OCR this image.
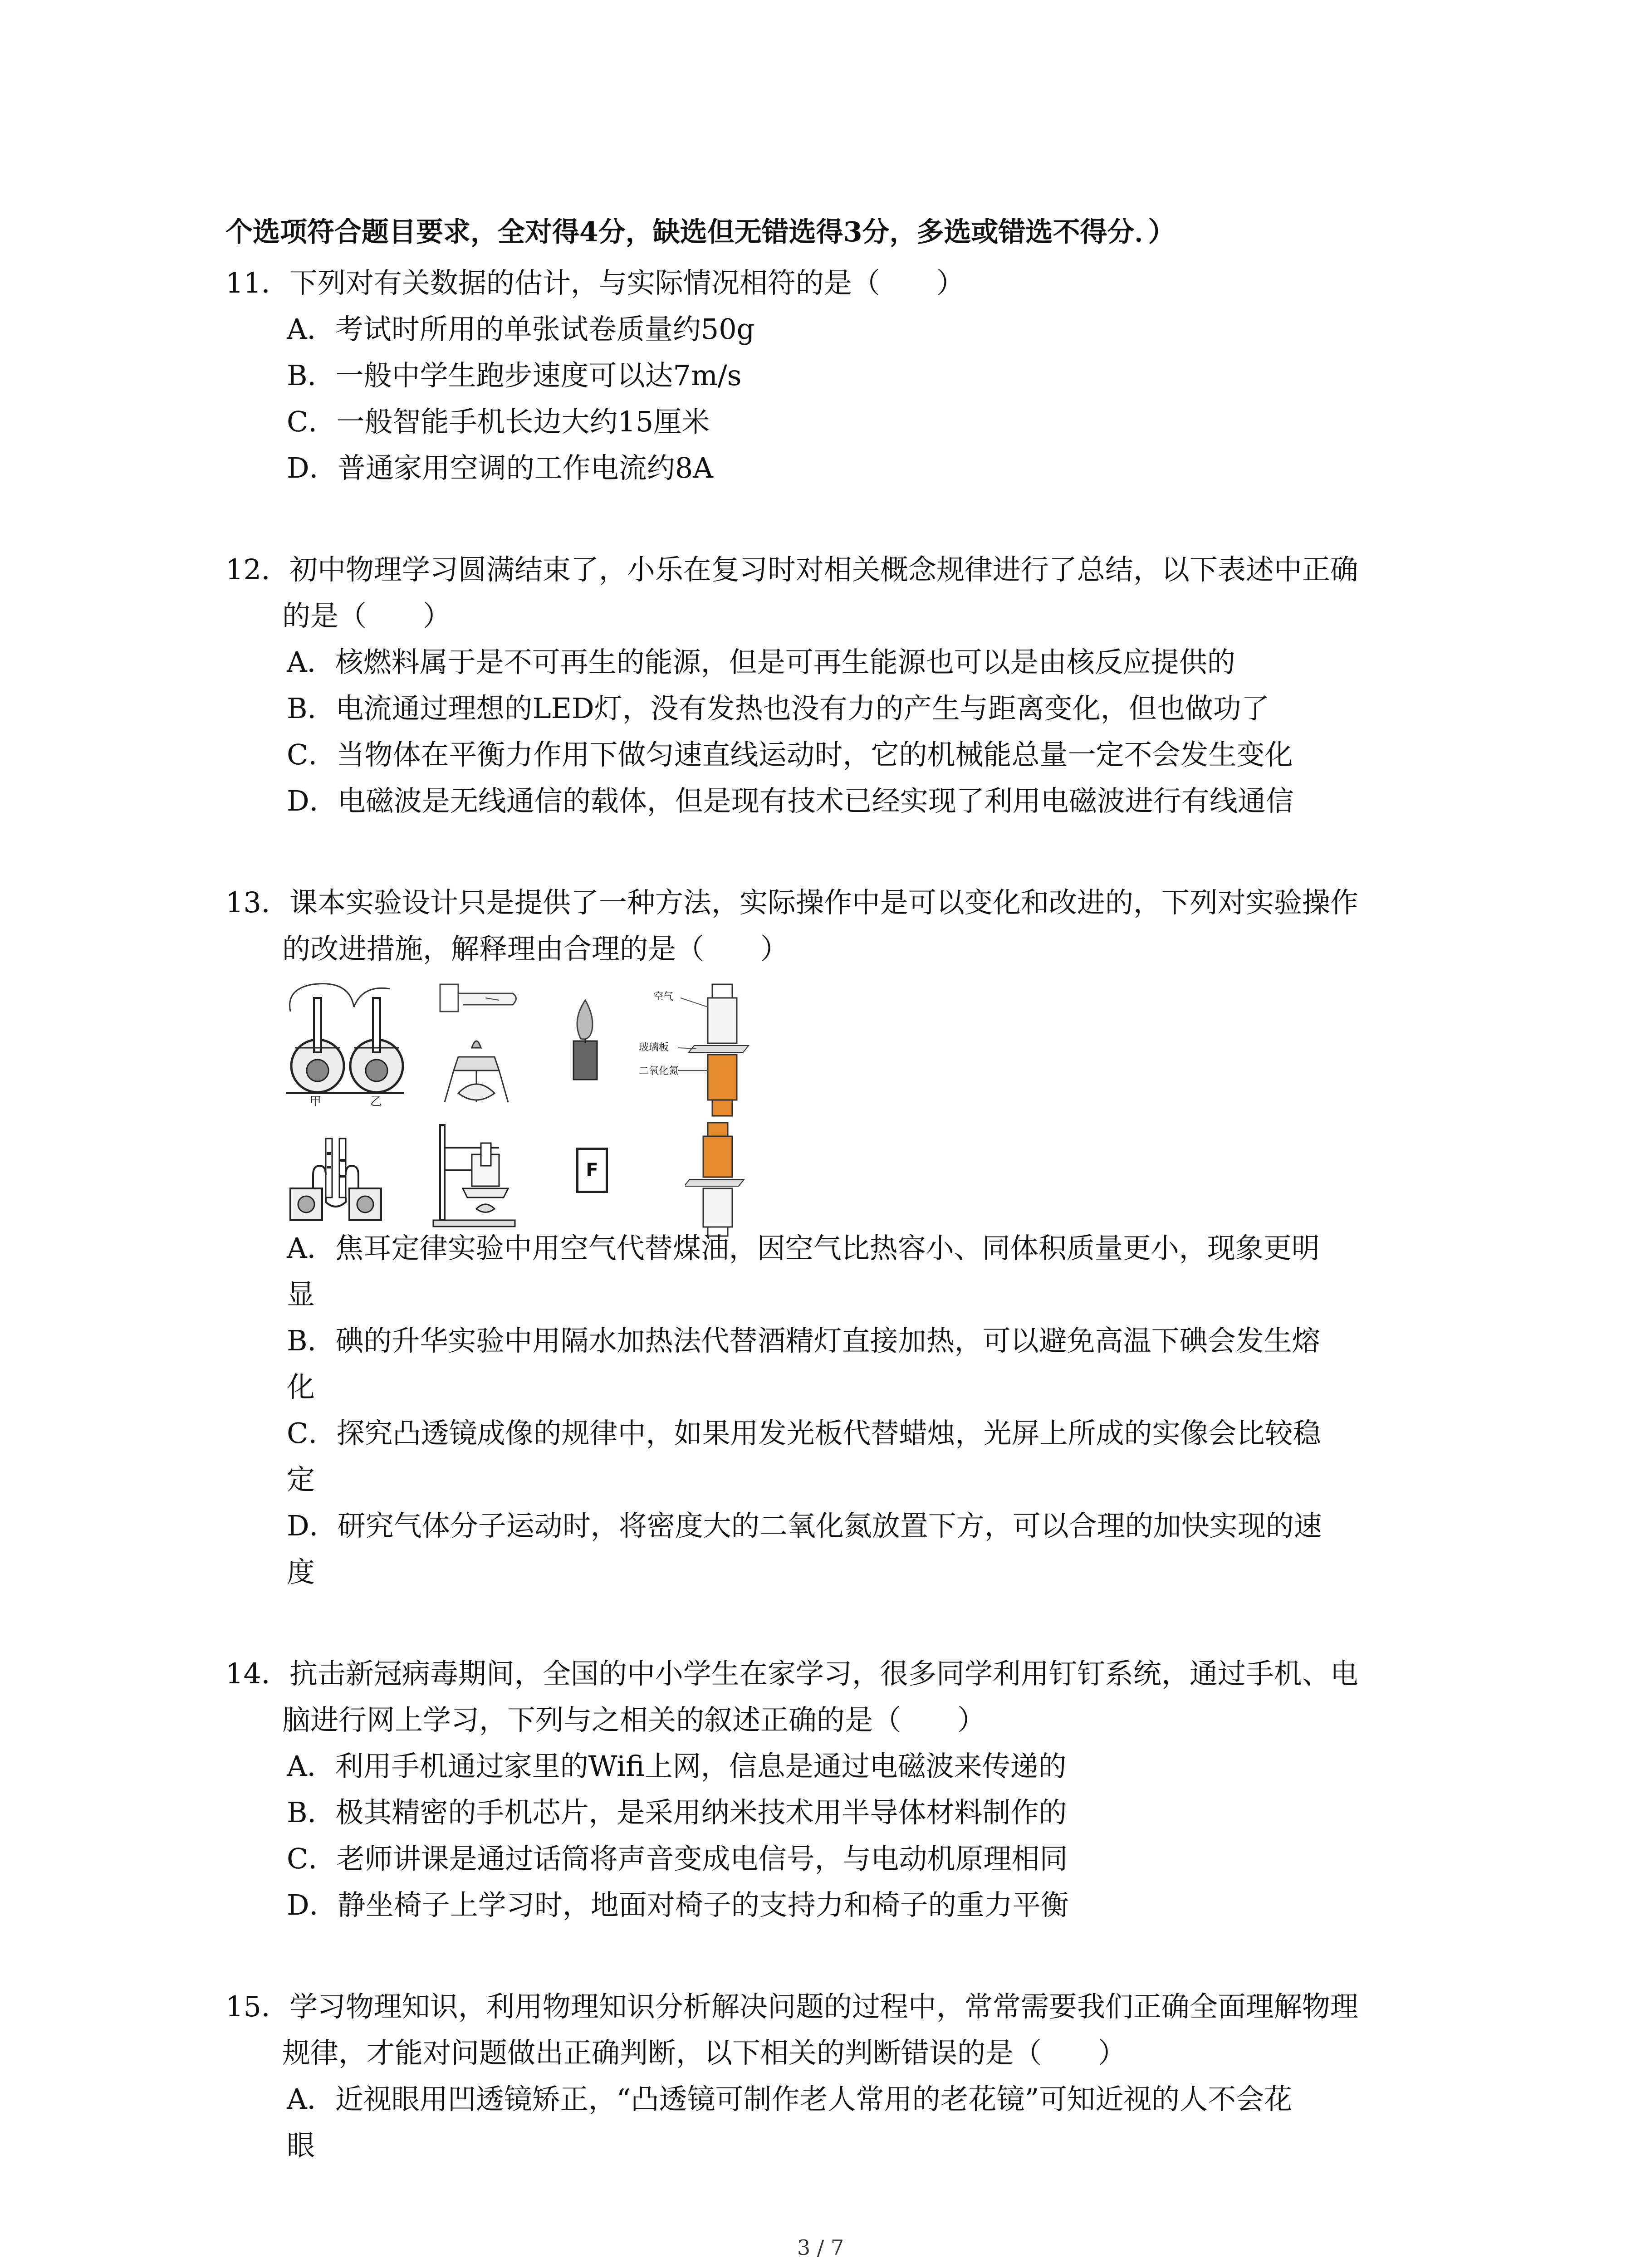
个选项符合题目要求，全对得4分，缺选但无错选得3分，多选或错选不得分．）
11．下列对有关数据的估计，与实际情况相符的是（　　）
A．考试时所用的单张试卷质量约50g
B．一般中学生跑步速度可以达7m/s
C．一般智能手机长边大约15厘米
D．普通家用空调的工作电流约8A
12．初中物理学习圆满结束了，小乐在复习时对相关概念规律进行了总结，以下表述中正确
的是（　　）
A．核燃料属于是不可再生的能源，但是可再生能源也可以是由核反应提供的
B．电流通过理想的LED灯，没有发热也没有力的产生与距离变化，但也做功了
C．当物体在平衡力作用下做匀速直线运动时，它的机械能总量一定不会发生变化
D．电磁波是无线通信的载体，但是现有技术已经实现了利用电磁波进行有线通信
13．课本实验设计只是提供了一种方法，实际操作中是可以变化和改进的，下列对实验操作
的改进措施，解释理由合理的是（　　）
甲	乙
空气
玻璃板
二氧化氮
F
A．焦耳定律实验中用空气代替煤油，因空气比热容小、同体积质量更小，现象更明
显
B．碘的升华实验中用隔水加热法代替酒精灯直接加热，可以避免高温下碘会发生熔
化
C．探究凸透镜成像的规律中，如果用发光板代替蜡烛，光屏上所成的实像会比较稳
定
D．研究气体分子运动时，将密度大的二氧化氮放置下方，可以合理的加快实现的速
度
14．抗击新冠病毒期间，全国的中小学生在家学习，很多同学利用钉钉系统，通过手机、电
脑进行网上学习，下列与之相关的叙述正确的是（　　）
A．利用手机通过家里的Wifi上网，信息是通过电磁波来传递的
B．极其精密的手机芯片，是采用纳米技术用半导体材料制作的
C．老师讲课是通过话筒将声音变成电信号，与电动机原理相同
D．静坐椅子上学习时，地面对椅子的支持力和椅子的重力平衡
15．学习物理知识，利用物理知识分析解决问题的过程中，常常需要我们正确全面理解物理
规律，才能对问题做出正确判断，以下相关的判断错误的是（　　）
A．近视眼用凹透镜矫正，“凸透镜可制作老人常用的老花镜”可知近视的人不会花
眼
3 / 7
